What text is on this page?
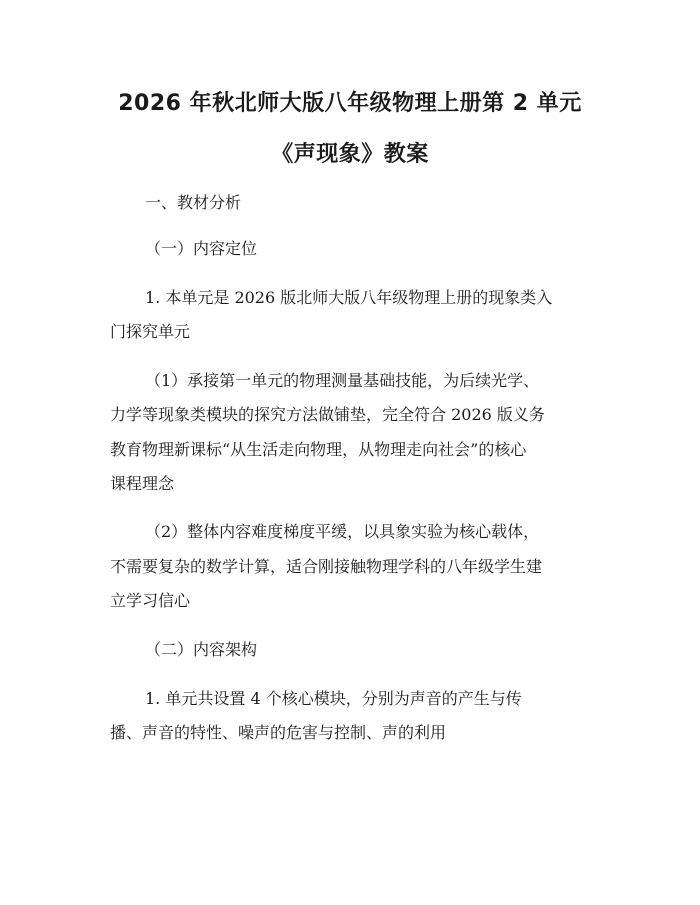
2026 年秋北师大版八年级物理上册第 2 单元
《声现象》教案
一、教材分析
（一）内容定位
1. 本单元是 2026 版北师大版八年级物理上册的现象类入
门探究单元
（1）承接第一单元的物理测量基础技能，为后续光学、
力学等现象类模块的探究方法做铺垫，完全符合 2026 版义务
教育物理新课标“从生活走向物理，从物理走向社会”的核心
课程理念
（2）整体内容难度梯度平缓，以具象实验为核心载体，
不需要复杂的数学计算，适合刚接触物理学科的八年级学生建
立学习信心
（二）内容架构
1. 单元共设置 4 个核心模块，分别为声音的产生与传
播、声音的特性、噪声的危害与控制、声的利用
